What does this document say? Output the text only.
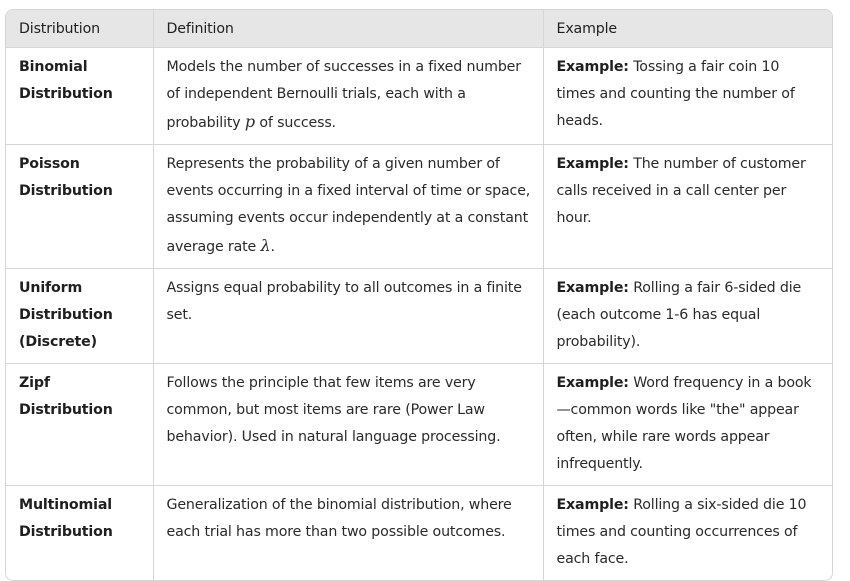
Distribution	Definition	Example
Binomial Distribution	Models the number of successes in a fixed number of independent Bernoulli trials, each with a probability p of success.	Example: Tossing a fair coin 10 times and counting the number of heads.
Poisson Distribution	Represents the probability of a given number of events occurring in a fixed interval of time or space, assuming events occur independently at a constant average rate λ.	Example: The number of customer calls received in a call center per hour.
Uniform Distribution (Discrete)	Assigns equal probability to all outcomes in a finite set.	Example: Rolling a fair 6-sided die (each outcome 1-6 has equal probability).
Zipf Distribution	Follows the principle that few items are very common, but most items are rare (Power Law behavior). Used in natural language processing.	Example: Word frequency in a book —common words like "the" appear often, while rare words appear infrequently.
Multinomial Distribution	Generalization of the binomial distribution, where each trial has more than two possible outcomes.	Example: Rolling a six-sided die 10 times and counting occurrences of each face.
